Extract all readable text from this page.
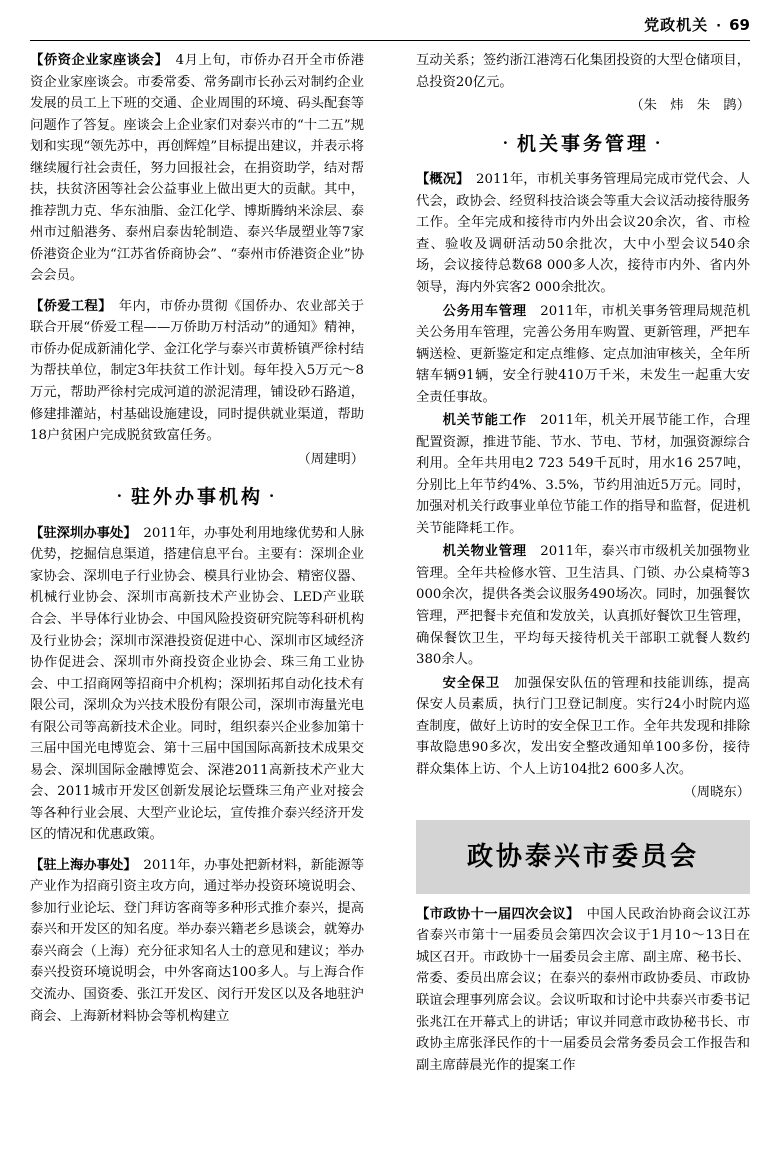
党政机关 · 69

【侨资企业家座谈会】　4月上旬，市侨办召开全市侨港资企业家座谈会。市委常委、常务副市长孙云对制约企业发展的员工上下班的交通、企业周围的环境、码头配套等问题作了答复。座谈会上企业家们对泰兴市的“十二五”规划和实现“领先苏中，再创辉煌”目标提出建议，并表示将继续履行社会责任，努力回报社会，在捐资助学，结对帮扶，扶贫济困等社会公益事业上做出更大的贡献。其中，推荐凯力克、华东油脂、金江化学、博斯腾纳米涂层、泰州市过船港务、泰州启泰齿轮制造、泰兴华晟塑业等7家侨港资企业为“江苏省侨商协会”、“泰州市侨港资企业”协会会员。

【侨爱工程】　年内，市侨办贯彻《国侨办、农业部关于联合开展“侨爱工程——万侨助万村活动”的通知》精神，市侨办促成新浦化学、金江化学与泰兴市黄桥镇严徐村结为帮扶单位，制定3年扶贫工作计划。每年投入5万元～8万元，帮助严徐村完成河道的淤泥清理，铺设砂石路道，修建排灌站，村基础设施建设，同时提供就业渠道，帮助18户贫困户完成脱贫致富任务。

（周建明）

· 驻外办事机构 ·

【驻深圳办事处】　2011年，办事处利用地缘优势和人脉优势，挖掘信息渠道，搭建信息平台。主要有：深圳企业家协会、深圳电子行业协会、模具行业协会、精密仪器、机械行业协会、深圳市高新技术产业协会、LED产业联合会、半导体行业协会、中国风险投资研究院等科研机构及行业协会；深圳市深港投资促进中心、深圳市区域经济协作促进会、深圳市外商投资企业协会、珠三角工业协会、中工招商网等招商中介机构；深圳拓邦自动化技术有限公司，深圳众为兴技术股份有限公司，深圳市海量光电有限公司等高新技术企业。同时，组织泰兴企业参加第十三届中国光电博览会、第十三届中国国际高新技术成果交易会、深圳国际金融博览会、深港2011高新技术产业大会、2011城市开发区创新发展论坛暨珠三角产业对接会等各种行业会展、大型产业论坛，宣传推介泰兴经济开发区的情况和优惠政策。

【驻上海办事处】　2011年，办事处把新材料，新能源等产业作为招商引资主攻方向，通过举办投资环境说明会、参加行业论坛、登门拜访客商等多种形式推介泰兴，提高泰兴和开发区的知名度。举办泰兴籍老乡恳谈会，就筹办泰兴商会（上海）充分征求知名人士的意见和建议；举办泰兴投资环境说明会，中外客商达100多人。与上海合作交流办、国资委、张江开发区、闵行开发区以及各地驻沪商会、上海新材料协会等机构建立

互动关系；签约浙江港湾石化集团投资的大型仓储项目，总投资20亿元。

（朱　炜　朱　鹍）

· 机关事务管理 ·

【概况】　2011年，市机关事务管理局完成市党代会、人代会，政协会、经贸科技洽谈会等重大会议活动接待服务工作。全年完成和接待市内外出会议20余次，省、市检查、验收及调研活动50余批次，大中小型会议540余场，会议接待总数68 000多人次，接待市内外、省内外领导，海内外宾客2 000余批次。

公务用车管理　2011年，市机关事务管理局规范机关公务用车管理，完善公务用车购置、更新管理，严把车辆送检、更新鉴定和定点维修、定点加油审核关，全年所辖车辆91辆，安全行驶410万千米，未发生一起重大安全责任事故。

机关节能工作　2011年，机关开展节能工作，合理配置资源，推进节能、节水、节电、节材，加强资源综合利用。全年共用电2 723 549千瓦时，用水16 257吨，分别比上年节约4%、3.5%，节约用油近5万元。同时，加强对机关行政事业单位节能工作的指导和监督，促进机关节能降耗工作。

机关物业管理　2011年，泰兴市市级机关加强物业管理。全年共检修水管、卫生洁具、门锁、办公桌椅等3 000余次，提供各类会议服务490场次。同时，加强餐饮管理，严把餐卡充值和发放关，认真抓好餐饮卫生管理，确保餐饮卫生，平均每天接待机关干部职工就餐人数约380余人。

安全保卫　加强保安队伍的管理和技能训练，提高保安人员素质，执行门卫登记制度。实行24小时院内巡查制度，做好上访时的安全保卫工作。全年共发现和排除事故隐患90多次，发出安全整改通知单100多份，接待群众集体上访、个人上访104批2 600多人次。

（周晓东）

政协泰兴市委员会

【市政协十一届四次会议】　中国人民政治协商会议江苏省泰兴市第十一届委员会第四次会议于1月10～13日在城区召开。市政协十一届委员会主席、副主席、秘书长、常委、委员出席会议；在泰兴的泰州市政协委员、市政协联谊会理事列席会议。会议听取和讨论中共泰兴市委书记张兆江在开幕式上的讲话；审议并同意市政协秘书长、市政协主席张泽民作的十一届委员会常务委员会工作报告和副主席薛晨光作的提案工作
